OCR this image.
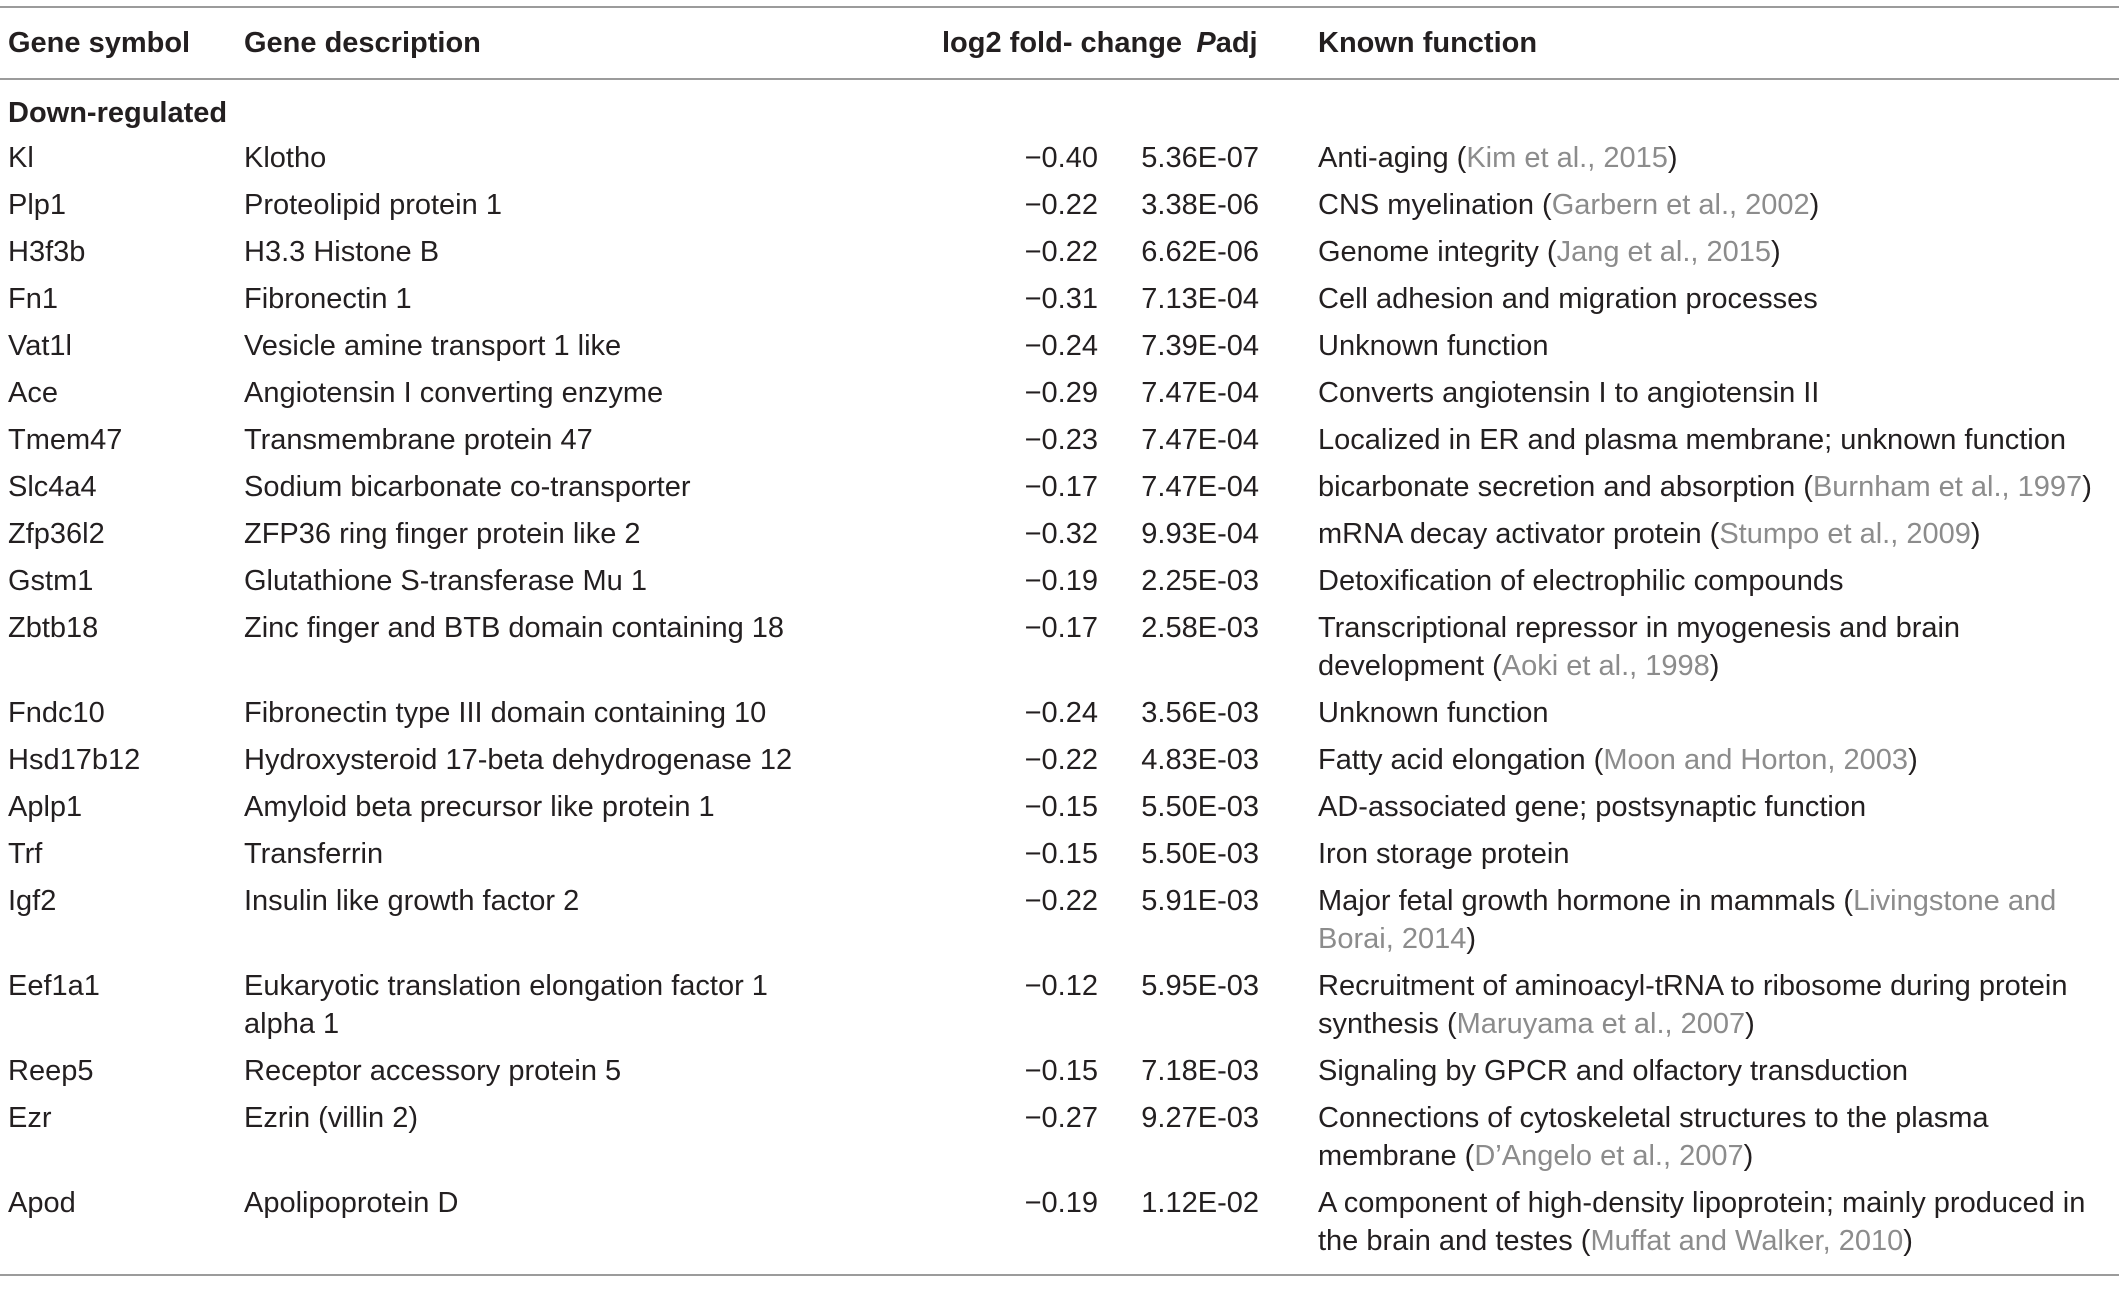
Gene symbol	Gene description	log2 fold- change	Padj	Known function
Down-regulated				
Kl	Klotho	−0.40	5.36E-07	Anti-aging (Kim et al., 2015)
Plp1	Proteolipid protein 1	−0.22	3.38E-06	CNS myelination (Garbern et al., 2002)
H3f3b	H3.3 Histone B	−0.22	6.62E-06	Genome integrity (Jang et al., 2015)
Fn1	Fibronectin 1	−0.31	7.13E-04	Cell adhesion and migration processes
Vat1l	Vesicle amine transport 1 like	−0.24	7.39E-04	Unknown function
Ace	Angiotensin I converting enzyme	−0.29	7.47E-04	Converts angiotensin I to angiotensin II
Tmem47	Transmembrane protein 47	−0.23	7.47E-04	Localized in ER and plasma membrane; unknown function
Slc4a4	Sodium bicarbonate co-transporter	−0.17	7.47E-04	bicarbonate secretion and absorption (Burnham et al., 1997)
Zfp36l2	ZFP36 ring finger protein like 2	−0.32	9.93E-04	mRNA decay activator protein (Stumpo et al., 2009)
Gstm1	Glutathione S-transferase Mu 1	−0.19	2.25E-03	Detoxification of electrophilic compounds
Zbtb18	Zinc finger and BTB domain containing 18	−0.17	2.58E-03	Transcriptional repressor in myogenesis and brain development (Aoki et al., 1998)
Fndc10	Fibronectin type III domain containing 10	−0.24	3.56E-03	Unknown function
Hsd17b12	Hydroxysteroid 17-beta dehydrogenase 12	−0.22	4.83E-03	Fatty acid elongation (Moon and Horton, 2003)
Aplp1	Amyloid beta precursor like protein 1	−0.15	5.50E-03	AD-associated gene; postsynaptic function
Trf	Transferrin	−0.15	5.50E-03	Iron storage protein
Igf2	Insulin like growth factor 2	−0.22	5.91E-03	Major fetal growth hormone in mammals (Livingstone and Borai, 2014)
Eef1a1	Eukaryotic translation elongation factor 1 alpha 1	−0.12	5.95E-03	Recruitment of aminoacyl-tRNA to ribosome during protein synthesis (Maruyama et al., 2007)
Reep5	Receptor accessory protein 5	−0.15	7.18E-03	Signaling by GPCR and olfactory transduction
Ezr	Ezrin (villin 2)	−0.27	9.27E-03	Connections of cytoskeletal structures to the plasma membrane (D’Angelo et al., 2007)
Apod	Apolipoprotein D	−0.19	1.12E-02	A component of high-density lipoprotein; mainly produced in the brain and testes (Muffat and Walker, 2010)
